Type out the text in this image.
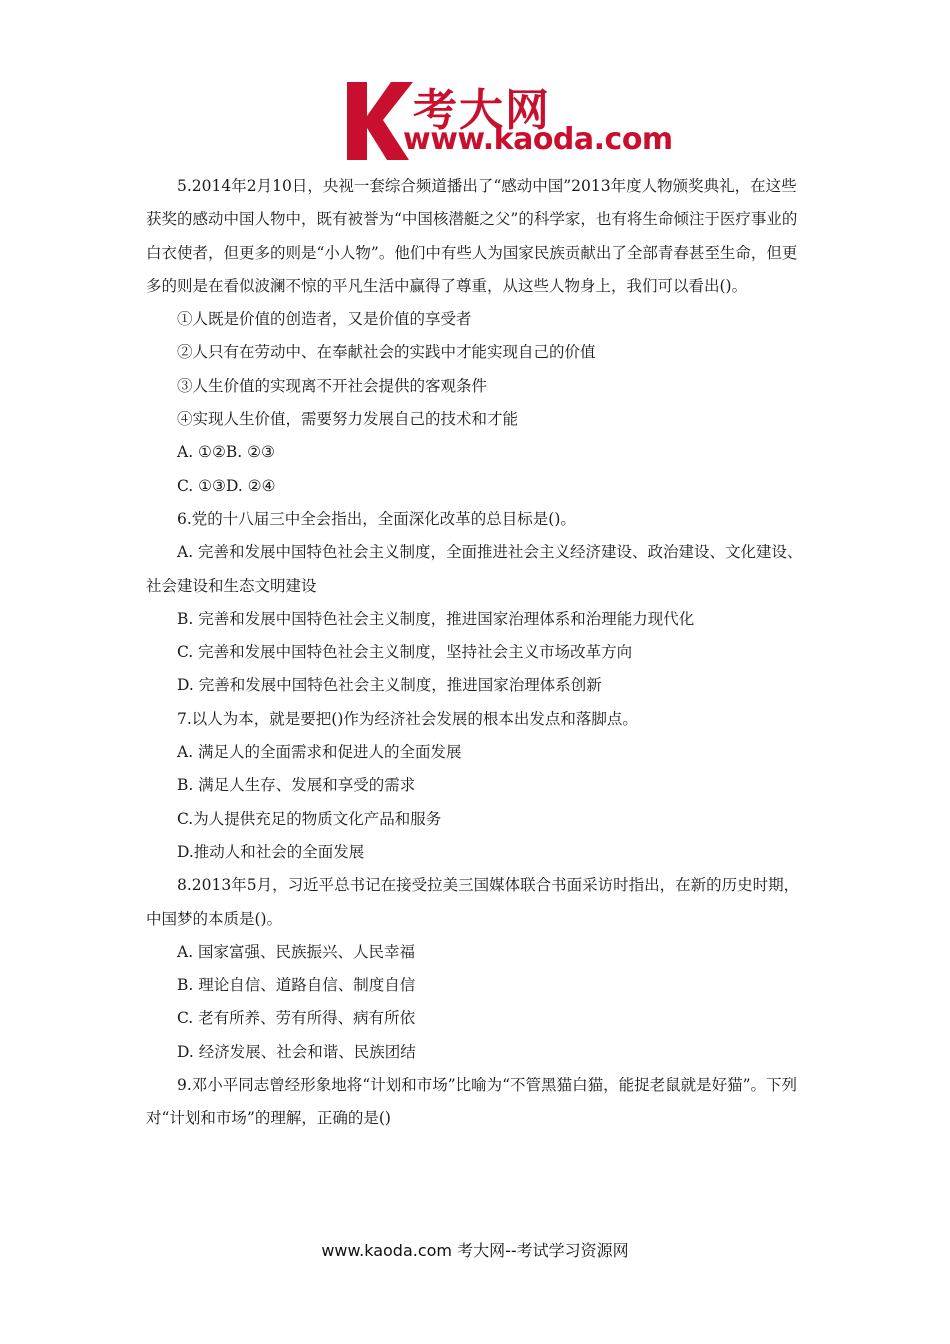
考大网
www.kaoda.com

5.2014年2月10日，央视一套综合频道播出了“感动中国”2013年度人物颁奖典礼，在这些获奖的感动中国人物中，既有被誉为“中国核潜艇之父”的科学家，也有将生命倾注于医疗事业的白衣使者，但更多的则是“小人物”。他们中有些人为国家民族贡献出了全部青春甚至生命，但更多的则是在看似波澜不惊的平凡生活中赢得了尊重，从这些人物身上，我们可以看出()。

①人既是价值的创造者，又是价值的享受者

②人只有在劳动中、在奉献社会的实践中才能实现自己的价值

③人生价值的实现离不开社会提供的客观条件

④实现人生价值，需要努力发展自己的技术和才能

A. ①②B. ②③

C. ①③D. ②④

6.党的十八届三中全会指出，全面深化改革的总目标是()。

A. 完善和发展中国特色社会主义制度，全面推进社会主义经济建设、政治建设、文化建设、社会建设和生态文明建设

B. 完善和发展中国特色社会主义制度，推进国家治理体系和治理能力现代化

C. 完善和发展中国特色社会主义制度，坚持社会主义市场改革方向

D. 完善和发展中国特色社会主义制度，推进国家治理体系创新

7.以人为本，就是要把()作为经济社会发展的根本出发点和落脚点。

A. 满足人的全面需求和促进人的全面发展

B. 满足人生存、发展和享受的需求

C.为人提供充足的物质文化产品和服务

D.推动人和社会的全面发展

8.2013年5月，习近平总书记在接受拉美三国媒体联合书面采访时指出，在新的历史时期，中国梦的本质是()。

A. 国家富强、民族振兴、人民幸福

B. 理论自信、道路自信、制度自信

C. 老有所养、劳有所得、病有所依

D. 经济发展、社会和谐、民族团结

9.邓小平同志曾经形象地将“计划和市场”比喻为“不管黑猫白猫，能捉老鼠就是好猫”。下列对“计划和市场”的理解，正确的是()

www.kaoda.com 考大网--考试学习资源网
